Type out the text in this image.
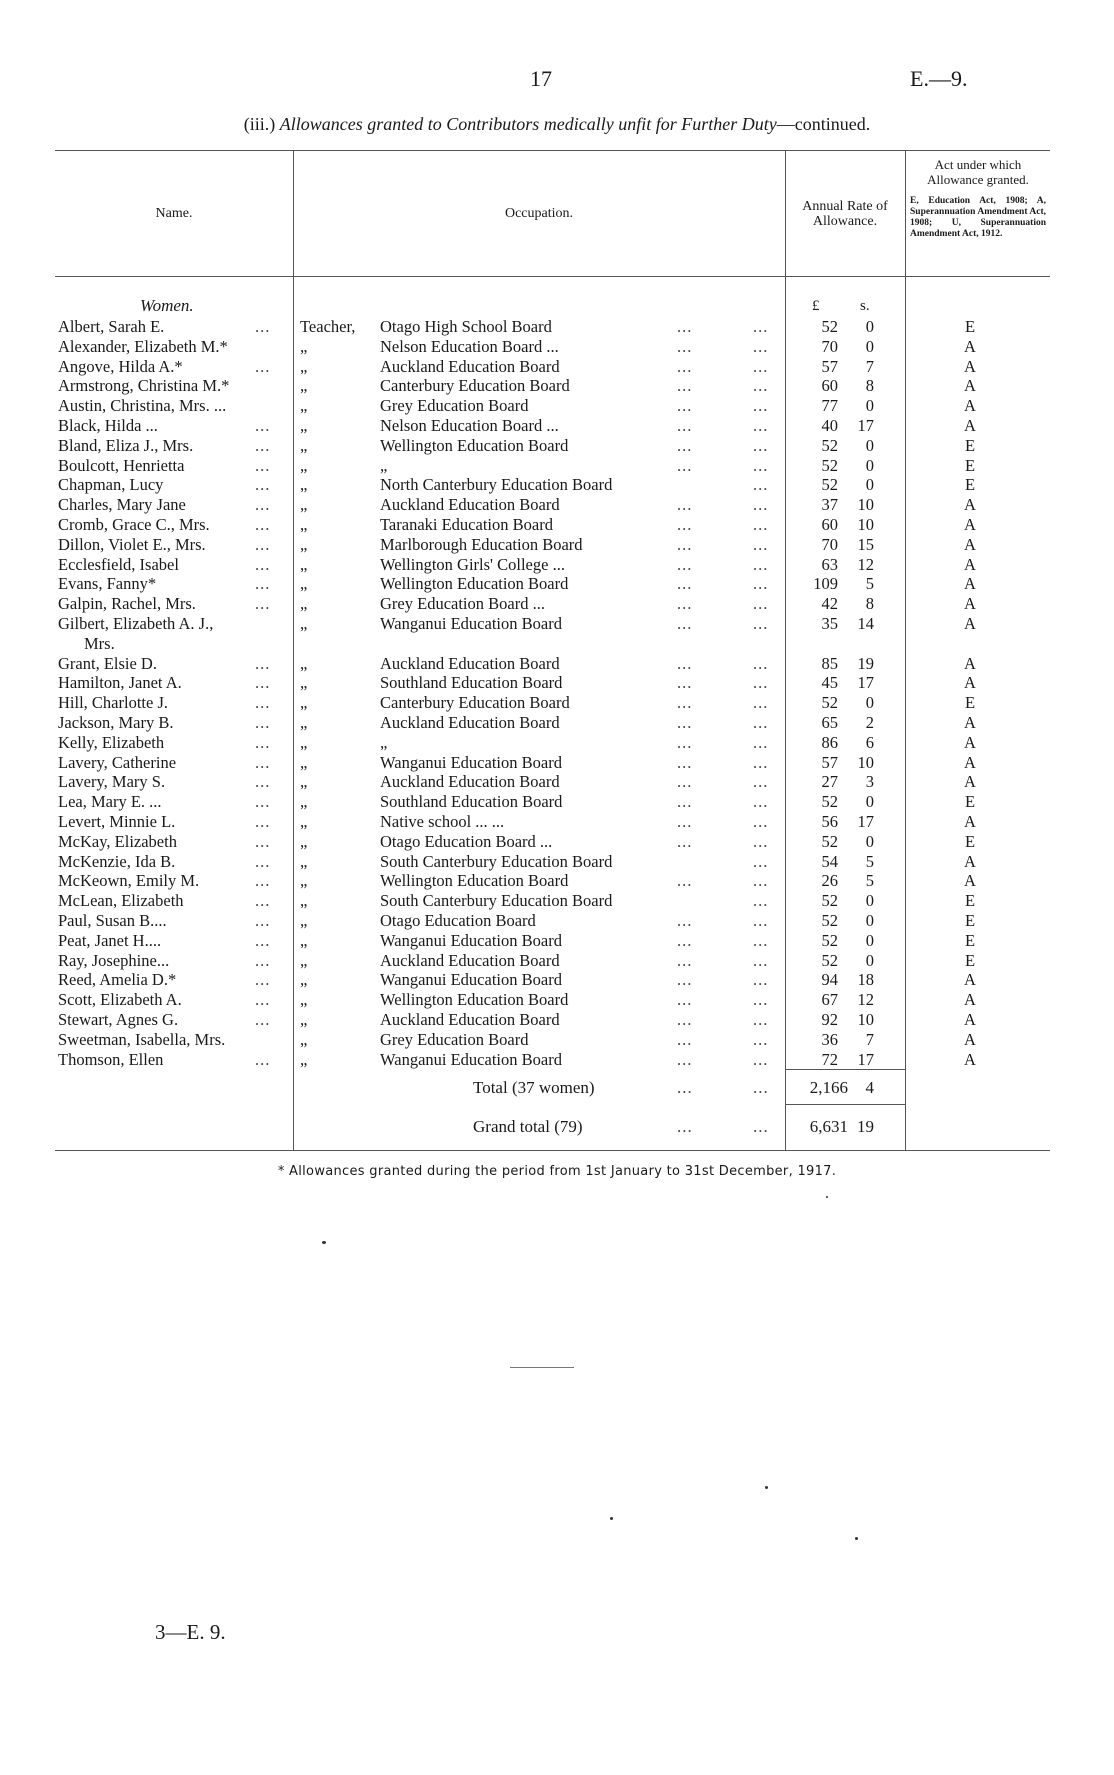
17	E.—9.
(iii.) Allowances granted to Contributors medically unfit for Further Duty—continued.
Name.	Occupation.	Annual Rate of
Allowance.
Act under which
Allowance granted.
E, Education Act, 1908; A, Superannuation Amendment Act, 1908; U, Superannuation Amendment Act, 1912.
Women.	£	s.
Albert, Sarah E.	... Teacher, Otago High School Board	...	...	52	0	E
Alexander, Elizabeth M.*	„	Nelson Education Board ...	...	...	70	0	A
Angove, Hilda A.*	... „	Auckland Education Board	...	...	57	7	A
Armstrong, Christina M.*	„	Canterbury Education Board	...	...	60	8	A
Austin, Christina, Mrs. ...	„	Grey Education Board	...	...	77	0	A
Black, Hilda ...	... „	Nelson Education Board ...	...	...	40	17	A
Bland, Eliza J., Mrs.	... „	Wellington Education Board	...	...	52	0	E
Boulcott, Henrietta	... „	„	...	...	52	0	E
Chapman, Lucy	... „	North Canterbury Education Board	...	52	0	E
Charles, Mary Jane	... „	Auckland Education Board	...	...	37	10	A
Cromb, Grace C., Mrs.	... „	Taranaki Education Board	...	...	60	10	A
Dillon, Violet E., Mrs.	... „	Marlborough Education Board	...	...	70	15	A
Ecclesfield, Isabel	... „	Wellington Girls' College ...	...	...	63	12	A
Evans, Fanny*	... „	Wellington Education Board	...	...	109	5	A
Galpin, Rachel, Mrs.	... „	Grey Education Board ...	...	...	42	8	A
Gilbert, Elizabeth A. J.,	„	Wanganui Education Board	...	...	35	14	A
Mrs.
Grant, Elsie D.	... „	Auckland Education Board	...	...	85	19	A
Hamilton, Janet A.	... „	Southland Education Board	...	...	45	17	A
Hill, Charlotte J.	... „	Canterbury Education Board	...	...	52	0	E
Jackson, Mary B.	... „	Auckland Education Board	...	...	65	2	A
Kelly, Elizabeth	... „	„	...	...	86	6	A
Lavery, Catherine	... „	Wanganui Education Board	...	...	57	10	A
Lavery, Mary S.	... „	Auckland Education Board	...	...	27	3	A
Lea, Mary E. ...	... „	Southland Education Board	...	...	52	0	E
Levert, Minnie L.	... „	Native school ... ...	...	...	56	17	A
McKay, Elizabeth	... „	Otago Education Board ...	...	...	52	0	E
McKenzie, Ida B.	... „	South Canterbury Education Board	...	54	5	A
McKeown, Emily M.	... „	Wellington Education Board	...	...	26	5	A
McLean, Elizabeth	... „	South Canterbury Education Board	...	52	0	E
Paul, Susan B....	... „	Otago Education Board	...	...	52	0	E
Peat, Janet H....	... „	Wanganui Education Board	...	...	52	0	E
Ray, Josephine...	... „	Auckland Education Board	...	...	52	0	E
Reed, Amelia D.*	... „	Wanganui Education Board	...	...	94	18	A
Scott, Elizabeth A.	... „	Wellington Education Board	...	...	67	12	A
Stewart, Agnes G.	... „	Auckland Education Board	...	...	92	10	A
Sweetman, Isabella, Mrs.	„	Grey Education Board	...	...	36	7	A
Thomson, Ellen	... „	Wanganui Education Board	...	...	72	17	A
Total (37 women)	...	...	2,166	4
Grand total (79)	...	...	6,631 19
* Allowances granted during the period from 1st January to 31st December, 1917.
3—E. 9.
